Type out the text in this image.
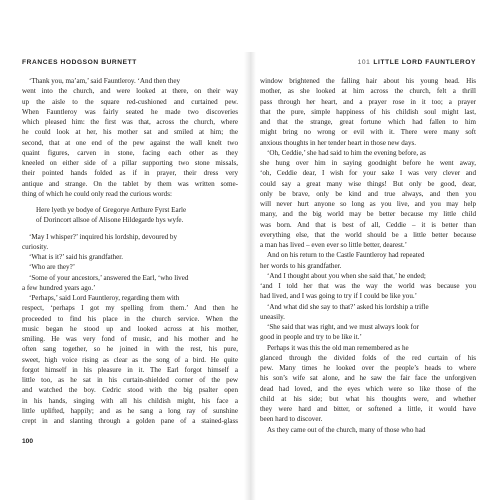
FRANCES HODGSON BURNETT
‘Thank you, ma’am,’ said Fauntleroy. ‘And then they
went into the church, and were looked at there, on their way
up the aisle to the square red-cushioned and curtained pew.
When Fauntleroy was fairly seated he made two discoveries
which pleased him: the first was that, across the church, where
he could look at her, his mother sat and smiled at him; the
second, that at one end of the pew against the wall knelt two
quaint figures, carven in stone, facing each other as they
kneeled on either side of a pillar supporting two stone missals,
their pointed hands folded as if in prayer, their dress very
antique and strange. On the tablet by them was written some-
thing of which he could only read the curious words:
Here lyeth ye bodye of Gregorye Arthure Fyrst Earle
of Dorincort allsoe of Alisone Hildegarde hys wyfe.
‘May I whisper?’ inquired his lordship, devoured by
curiosity.
‘What is it?’ said his grandfather.
‘Who are they?’
‘Some of your ancestors,’ answered the Earl, ‘who lived
a few hundred years ago.’
‘Perhaps,’ said Lord Fauntleroy, regarding them with
respect, ‘perhaps I got my spelling from them.’ And then he
proceeded to find his place in the church service. When the
music began he stood up and looked across at his mother,
smiling. He was very fond of music, and his mother and he
often sang together, so he joined in with the rest, his pure,
sweet, high voice rising as clear as the song of a bird. He quite
forgot himself in his pleasure in it. The Earl forgot himself a
little too, as he sat in his curtain-shielded corner of the pew
and watched the boy. Cedric stood with the big psalter open
in his hands, singing with all his childish might, his face a
little uplifted, happily; and as he sang a long ray of sunshine
crept in and slanting through a golden pane of a stained-glass
100
101 LITTLE LORD FAUNTLEROY
window brightened the falling hair about his young head. His
mother, as she looked at him across the church, felt a thrill
pass through her heart, and a prayer rose in it too; a prayer
that the pure, simple happiness of his childish soul might last,
and that the strange, great fortune which had fallen to him
might bring no wrong or evil with it. There were many soft
anxious thoughts in her tender heart in those new days.
‘Oh, Ceddie,’ she had said to him the evening before, as
she hung over him in saying goodnight before he went away,
‘oh, Ceddie dear, I wish for your sake I was very clever and
could say a great many wise things! But only be good, dear,
only be brave, only be kind and true always, and then you
will never hurt anyone so long as you live, and you may help
many, and the big world may be better because my little child
was born. And that is best of all, Ceddie – it is better than
everything else, that the world should be a little better because
a man has lived – even ever so little better, dearest.’
And on his return to the Castle Fauntleroy had repeated
her words to his grandfather.
‘And I thought about you when she said that,’ he ended;
‘and I told her that was the way the world was because you
had lived, and I was going to try if I could be like you.’
‘And what did she say to that?’ asked his lordship a trifle
uneasily.
‘She said that was right, and we must always look for
good in people and try to be like it.’
Perhaps it was this the old man remembered as he
glanced through the divided folds of the red curtain of his
pew. Many times he looked over the people’s heads to where
his son’s wife sat alone, and he saw the fair face the unforgiven
dead had loved, and the eyes which were so like those of the
child at his side; but what his thoughts were, and whether
they were hard and bitter, or softened a little, it would have
been hard to discover.
As they came out of the church, many of those who had
